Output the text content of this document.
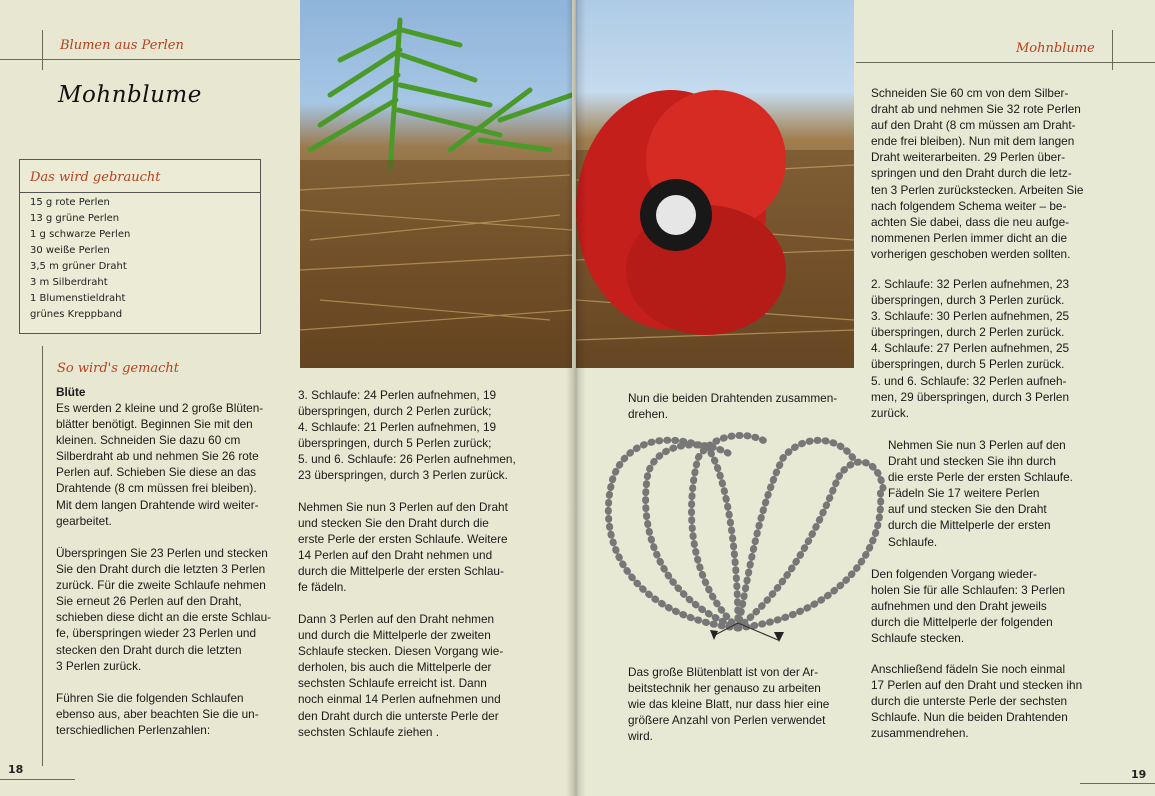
Blumen aus Perlen
Mohnblume
Das wird gebraucht
15 g rote Perlen
13 g grüne Perlen
1 g schwarze Perlen
30 weiße Perlen
3,5 m grüner Draht
3 m Silberdraht
1 Blumenstieldraht
grünes Kreppband
So wird's gemacht
Blüte
Es werden 2 kleine und 2 große Blüten-
blätter benötigt. Beginnen Sie mit den
kleinen. Schneiden Sie dazu 60 cm
Silberdraht ab und nehmen Sie 26 rote
Perlen auf. Schieben Sie diese an das
Drahtende (8 cm müssen frei bleiben).
Mit dem langen Drahtende wird weiter-
gearbeitet.
Überspringen Sie 23 Perlen und stecken
Sie den Draht durch die letzten 3 Perlen
zurück. Für die zweite Schlaufe nehmen
Sie erneut 26 Perlen auf den Draht,
schieben diese dicht an die erste Schlau-
fe, überspringen wieder 23 Perlen und
stecken den Draht durch die letzten
3 Perlen zurück.
Führen Sie die folgenden Schlaufen
ebenso aus, aber beachten Sie die un-
terschiedlichen Perlenzahlen:
3. Schlaufe: 24 Perlen aufnehmen, 19
überspringen, durch 2 Perlen zurück;
4. Schlaufe: 21 Perlen aufnehmen, 19
überspringen, durch 5 Perlen zurück;
5. und 6. Schlaufe: 26 Perlen aufnehmen,
23 überspringen, durch 3 Perlen zurück.
Nehmen Sie nun 3 Perlen auf den Draht
und stecken Sie den Draht durch die
erste Perle der ersten Schlaufe. Weitere
14 Perlen auf den Draht nehmen und
durch die Mittelperle der ersten Schlau-
fe fädeln.
Dann 3 Perlen auf den Draht nehmen
und durch die Mittelperle der zweiten
Schlaufe stecken. Diesen Vorgang wie-
derholen, bis auch die Mittelperle der
sechsten Schlaufe erreicht ist. Dann
noch einmal 14 Perlen aufnehmen und
den Draht durch die unterste Perle der
sechsten Schlaufe ziehen .
Mohnblume
Nun die beiden Drahtenden zusammen-
drehen.
Das große Blütenblatt ist von der Ar-
beitstechnik her genauso zu arbeiten
wie das kleine Blatt, nur dass hier eine
größere Anzahl von Perlen verwendet
wird.
Schneiden Sie 60 cm von dem Silber-
draht ab und nehmen Sie 32 rote Perlen
auf den Draht (8 cm müssen am Draht-
ende frei bleiben). Nun mit dem langen
Draht weiterarbeiten. 29 Perlen über-
springen und den Draht durch die letz-
ten 3 Perlen zurückstecken. Arbeiten Sie
nach folgendem Schema weiter – be-
achten Sie dabei, dass die neu aufge-
nommenen Perlen immer dicht an die
vorherigen geschoben werden sollten.
2. Schlaufe: 32 Perlen aufnehmen, 23
überspringen, durch 3 Perlen zurück.
3. Schlaufe: 30 Perlen aufnehmen, 25
überspringen, durch 2 Perlen zurück.
4. Schlaufe: 27 Perlen aufnehmen, 25
überspringen, durch 5 Perlen zurück.
5. und 6. Schlaufe: 32 Perlen aufneh-
men, 29 überspringen, durch 3 Perlen
zurück.
Nehmen Sie nun 3 Perlen auf den
Draht und stecken Sie ihn durch
die erste Perle der ersten Schlaufe.
Fädeln Sie 17 weitere Perlen
auf und stecken Sie den Draht
durch die Mittelperle der ersten
Schlaufe.
Den folgenden Vorgang wieder-
holen Sie für alle Schlaufen: 3 Perlen
aufnehmen und den Draht jeweils
durch die Mittelperle der folgenden
Schlaufe stecken.
Anschließend fädeln Sie noch einmal
17 Perlen auf den Draht und stecken ihn
durch die unterste Perle der sechsten
Schlaufe. Nun die beiden Drahtenden
zusammendrehen.
18	19
